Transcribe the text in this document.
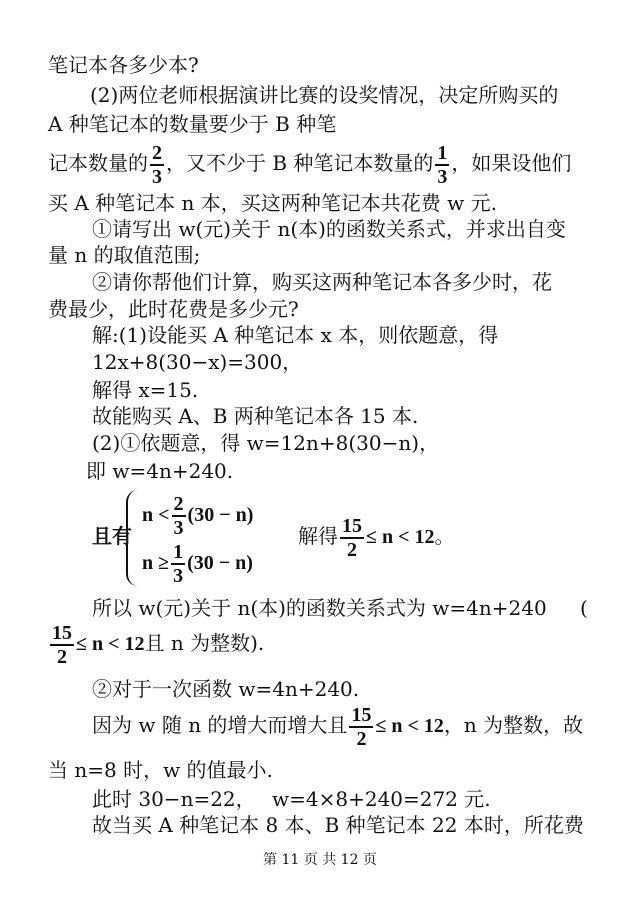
笔记本各多少本?
(2)两位老师根据演讲比赛的设奖情况，决定所购买的
A 种笔记本的数量要少于 B 种笔
记本数量的 $\frac{2}{3}$ ，又不少于 B 种笔记本数量的 $\frac{1}{3}$ ，如果设他们
买 A 种笔记本 n 本，买这两种笔记本共花费 w 元.
①请写出 w(元)关于 n(本)的函数关系式，并求出自变
量 n 的取值范围;
②请你帮他们计算，购买这两种笔记本各多少时，花
费最少，此时花费是多少元?
解:(1)设能买 A 种笔记本 x 本，则依题意，得
12x+8(30−x)=300，
解得 x=15.
故能购买 A、B 两种笔记本各 15 本.
(2)①依题意，得 w=12n+8(30−n)，
即 w=4n+240.
且有
$n < \frac{2}{3} (30 - n)$
$n \ge \frac{1}{3} (30 - n)$
解得 $\frac{15}{2} \le n < 12$。
所以 w(元)关于 n(本)的函数关系式为 w=4n+240 (
$\frac{15}{2} \le n < 12$且 n 为整数).
②对于一次函数 w=4n+240.
因为 w 随 n 的增大而增大且 $\frac{15}{2} \le n < 12$，n 为整数，故
当 n=8 时，w 的值最小.
此时 30−n=22， w=4×8+240=272 元.
故当买 A 种笔记本 8 本、B 种笔记本 22 本时，所花费
第 11 页 共 12 页
